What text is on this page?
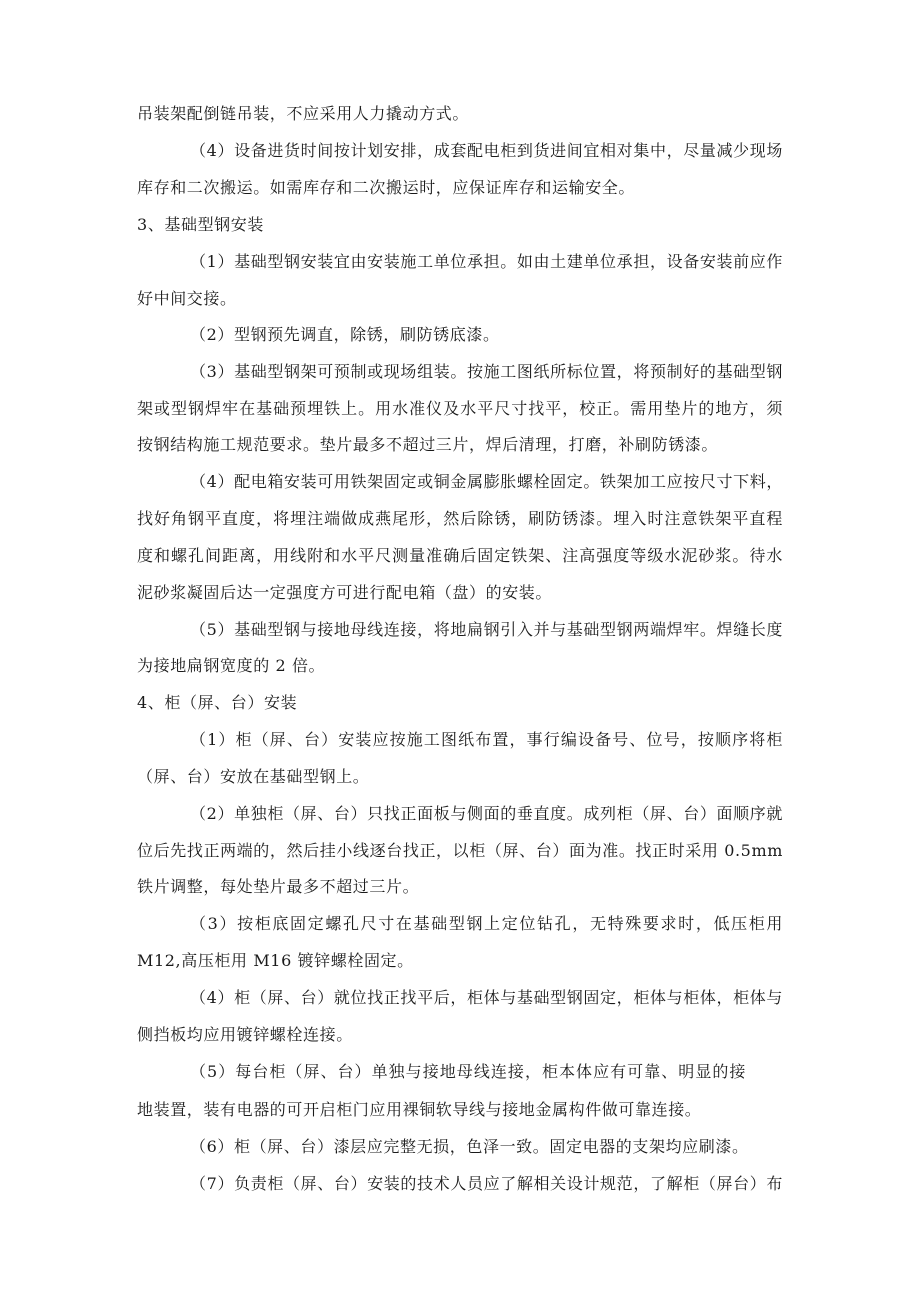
吊装架配倒链吊装，不应采用人力撬动方式。
（4）设备进货时间按计划安排，成套配电柜到货进间宜相对集中，尽量减少现场
库存和二次搬运。如需库存和二次搬运时，应保证库存和运输安全。
3、基础型钢安装
（1）基础型钢安装宜由安装施工单位承担。如由土建单位承担，设备安装前应作
好中间交接。
（2）型钢预先调直，除锈，刷防锈底漆。
（3）基础型钢架可预制或现场组装。按施工图纸所标位置，将预制好的基础型钢
架或型钢焊牢在基础预埋铁上。用水准仪及水平尺寸找平，校正。需用垫片的地方，须
按钢结构施工规范要求。垫片最多不超过三片，焊后清理，打磨，补刷防锈漆。
（4）配电箱安装可用铁架固定或铜金属膨胀螺栓固定。铁架加工应按尺寸下料，
找好角钢平直度，将埋注端做成燕尾形，然后除锈，刷防锈漆。埋入时注意铁架平直程
度和螺孔间距离，用线附和水平尺测量准确后固定铁架、注高强度等级水泥砂浆。待水
泥砂浆凝固后达一定强度方可进行配电箱（盘）的安装。
（5）基础型钢与接地母线连接，将地扁钢引入并与基础型钢两端焊牢。焊缝长度
为接地扁钢宽度的 2 倍。
4、柜（屏、台）安装
（1）柜（屏、台）安装应按施工图纸布置，事行编设备号、位号，按顺序将柜
（屏、台）安放在基础型钢上。
（2）单独柜（屏、台）只找正面板与侧面的垂直度。成列柜（屏、台）面顺序就
位后先找正两端的，然后挂小线逐台找正，以柜（屏、台）面为准。找正时采用 0.5mm
铁片调整，每处垫片最多不超过三片。
（3）按柜底固定螺孔尺寸在基础型钢上定位钻孔，无特殊要求时，低压柜用
M12,高压柜用 M16 镀锌螺栓固定。
（4）柜（屏、台）就位找正找平后，柜体与基础型钢固定，柜体与柜体，柜体与
侧挡板均应用镀锌螺栓连接。
（5）每台柜（屏、台）单独与接地母线连接，柜本体应有可靠、明显的接
地装置，装有电器的可开启柜门应用裸铜软导线与接地金属构件做可靠连接。
（6）柜（屏、台）漆层应完整无损，色泽一致。固定电器的支架均应刷漆。
（7）负责柜（屏、台）安装的技术人员应了解相关设计规范，了解柜（屏台）布
